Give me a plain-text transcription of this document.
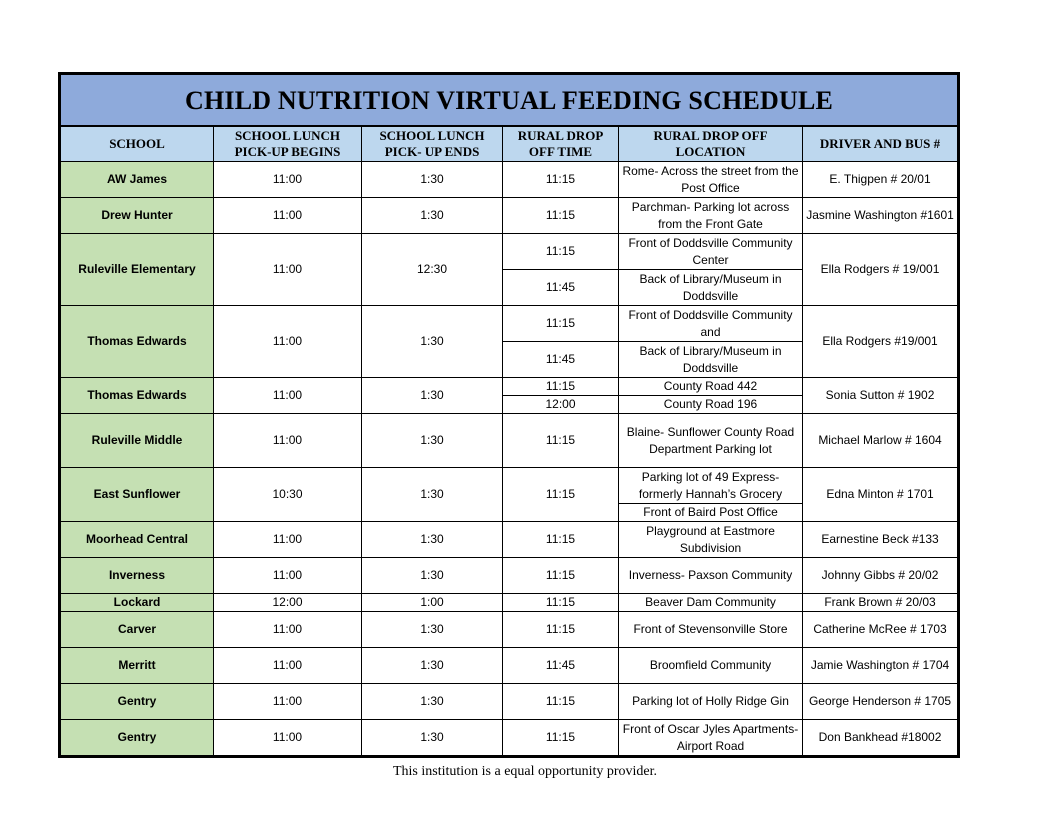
CHILD NUTRITION VIRTUAL FEEDING SCHEDULE					
SCHOOL	SCHOOL LUNCH PICK-UP BEGINS	SCHOOL LUNCH PICK- UP ENDS	RURAL DROP OFF TIME	RURAL DROP OFF LOCATION	DRIVER AND BUS #
AW James	11:00	1:30	11:15	Rome- Across the street from the Post Office	E. Thigpen # 20/01
Drew Hunter	11:00	1:30	11:15	Parchman- Parking lot across from the Front Gate	Jasmine Washington #1601
Ruleville Elementary	11:00	12:30	11:15	Front of Doddsville Community Center	Ella Rodgers # 19/001
			11:45	Back of Library/Museum in Doddsville	
Thomas Edwards	11:00	1:30	11:15	Front of Doddsville Community and	Ella Rodgers #19/001
			11:45	Back of Library/Museum in Doddsville	
Thomas Edwards	11:00	1:30	11:15	County Road 442	Sonia Sutton # 1902
			12:00	County Road 196	
Ruleville Middle	11:00	1:30	11:15	Blaine- Sunflower County Road Department Parking lot	Michael Marlow # 1604
East Sunflower	10:30	1:30	11:15	Parking lot of 49 Express- formerly Hannah’s Grocery	Edna Minton # 1701
				Front of Baird Post Office	
Moorhead Central	11:00	1:30	11:15	Playground at Eastmore Subdivision	Earnestine Beck #133
Inverness	11:00	1:30	11:15	Inverness- Paxson Community	Johnny Gibbs # 20/02
Lockard	12:00	1:00	11:15	Beaver Dam Community	Frank Brown # 20/03
Carver	11:00	1:30	11:15	Front of Stevensonville Store	Catherine McRee # 1703
Merritt	11:00	1:30	11:45	Broomfield Community	Jamie Washington # 1704
Gentry	11:00	1:30	11:15	Parking lot of Holly Ridge Gin	George Henderson # 1705
Gentry	11:00	1:30	11:15	Front of Oscar Jyles Apartments- Airport Road	Don Bankhead #18002
This institution is a equal opportunity provider.
